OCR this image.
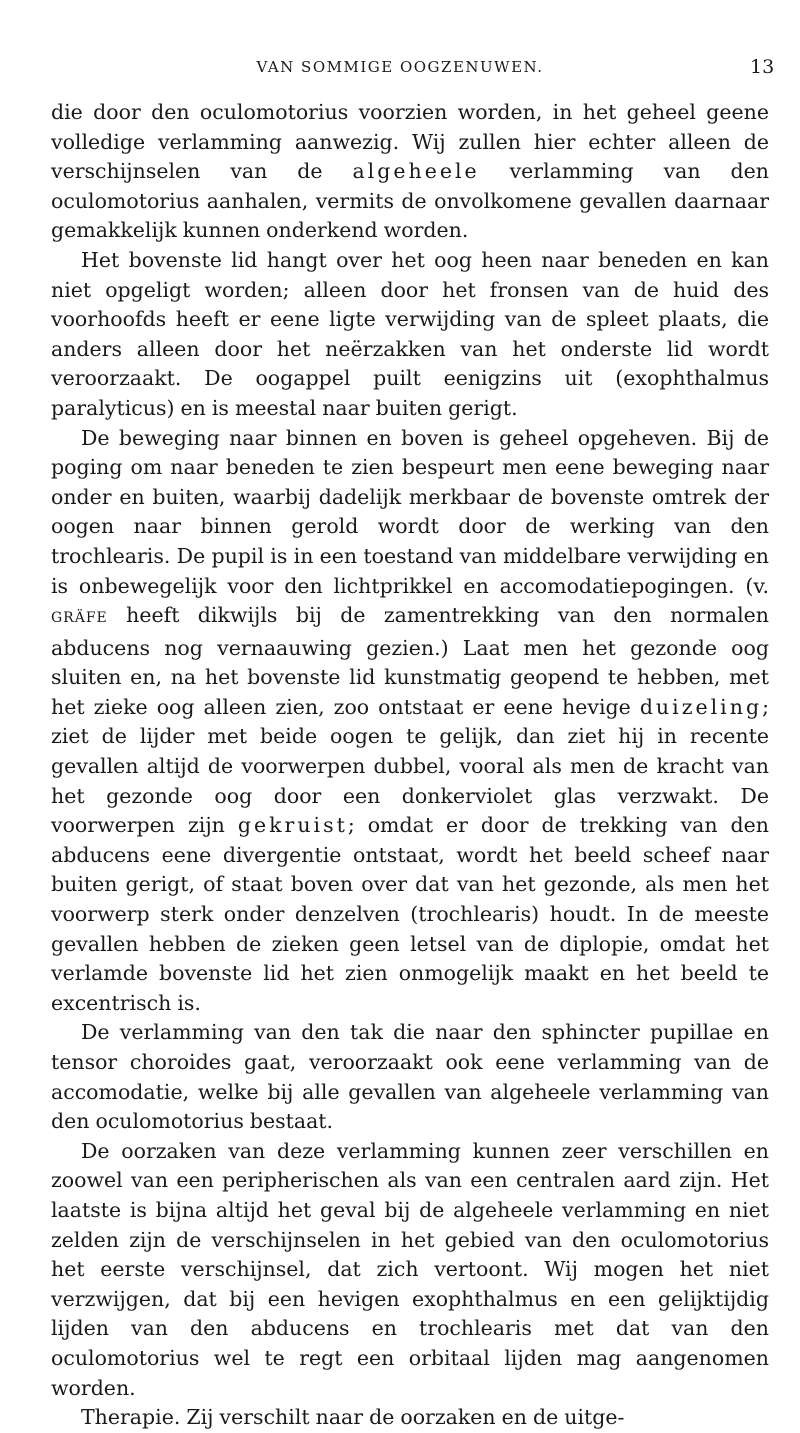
VAN SOMMIGE OOGZENUWEN.	13

die door den oculomotorius voorzien worden, in het geheel geene volledige verlamming aanwezig. Wij zullen hier echter alleen de verschijnselen van de algeheele verlamming van den oculomotorius aanhalen, vermits de onvolkomene gevallen daarnaar gemakkelijk kunnen onderkend worden.

Het bovenste lid hangt over het oog heen naar beneden en kan niet opgeligt worden; alleen door het fronsen van de huid des voorhoofds heeft er eene ligte verwijding van de spleet plaats, die anders alleen door het neërzakken van het onderste lid wordt veroorzaakt. De oogappel puilt eenigzins uit (exophthalmus paralyticus) en is meestal naar buiten gerigt.

De beweging naar binnen en boven is geheel opgeheven. Bij de poging om naar beneden te zien bespeurt men eene beweging naar onder en buiten, waarbij dadelijk merkbaar de bovenste omtrek der oogen naar binnen gerold wordt door de werking van den trochlearis. De pupil is in een toestand van middelbare verwijding en is onbewegelijk voor den lichtprikkel en accomodatiepogingen. (v. GRÄFE heeft dikwijls bij de zamentrekking van den normalen abducens nog vernaauwing gezien.) Laat men het gezonde oog sluiten en, na het bovenste lid kunstmatig geopend te hebben, met het zieke oog alleen zien, zoo ontstaat er eene hevige duizeling; ziet de lijder met beide oogen te gelijk, dan ziet hij in recente gevallen altijd de voorwerpen dubbel, vooral als men de kracht van het gezonde oog door een donkerviolet glas verzwakt. De voorwerpen zijn gekruist; omdat er door de trekking van den abducens eene divergentie ontstaat, wordt het beeld scheef naar buiten gerigt, of staat boven over dat van het gezonde, als men het voorwerp sterk onder denzelven (trochlearis) houdt. In de meeste gevallen hebben de zieken geen letsel van de diplopie, omdat het verlamde bovenste lid het zien onmogelijk maakt en het beeld te excentrisch is.

De verlamming van den tak die naar den sphincter pupillae en tensor choroides gaat, veroorzaakt ook eene verlamming van de accomodatie, welke bij alle gevallen van algeheele verlamming van den oculomotorius bestaat.

De oorzaken van deze verlamming kunnen zeer verschillen en zoowel van een peripherischen als van een centralen aard zijn. Het laatste is bijna altijd het geval bij de algeheele verlamming en niet zelden zijn de verschijnselen in het gebied van den oculomotorius het eerste verschijnsel, dat zich vertoont. Wij mogen het niet verzwijgen, dat bij een hevigen exophthalmus en een gelijktijdig lijden van den abducens en trochlearis met dat van den oculomotorius wel te regt een orbitaal lijden mag aangenomen worden.

Therapie. Zij verschilt naar de oorzaken en de uitge-
